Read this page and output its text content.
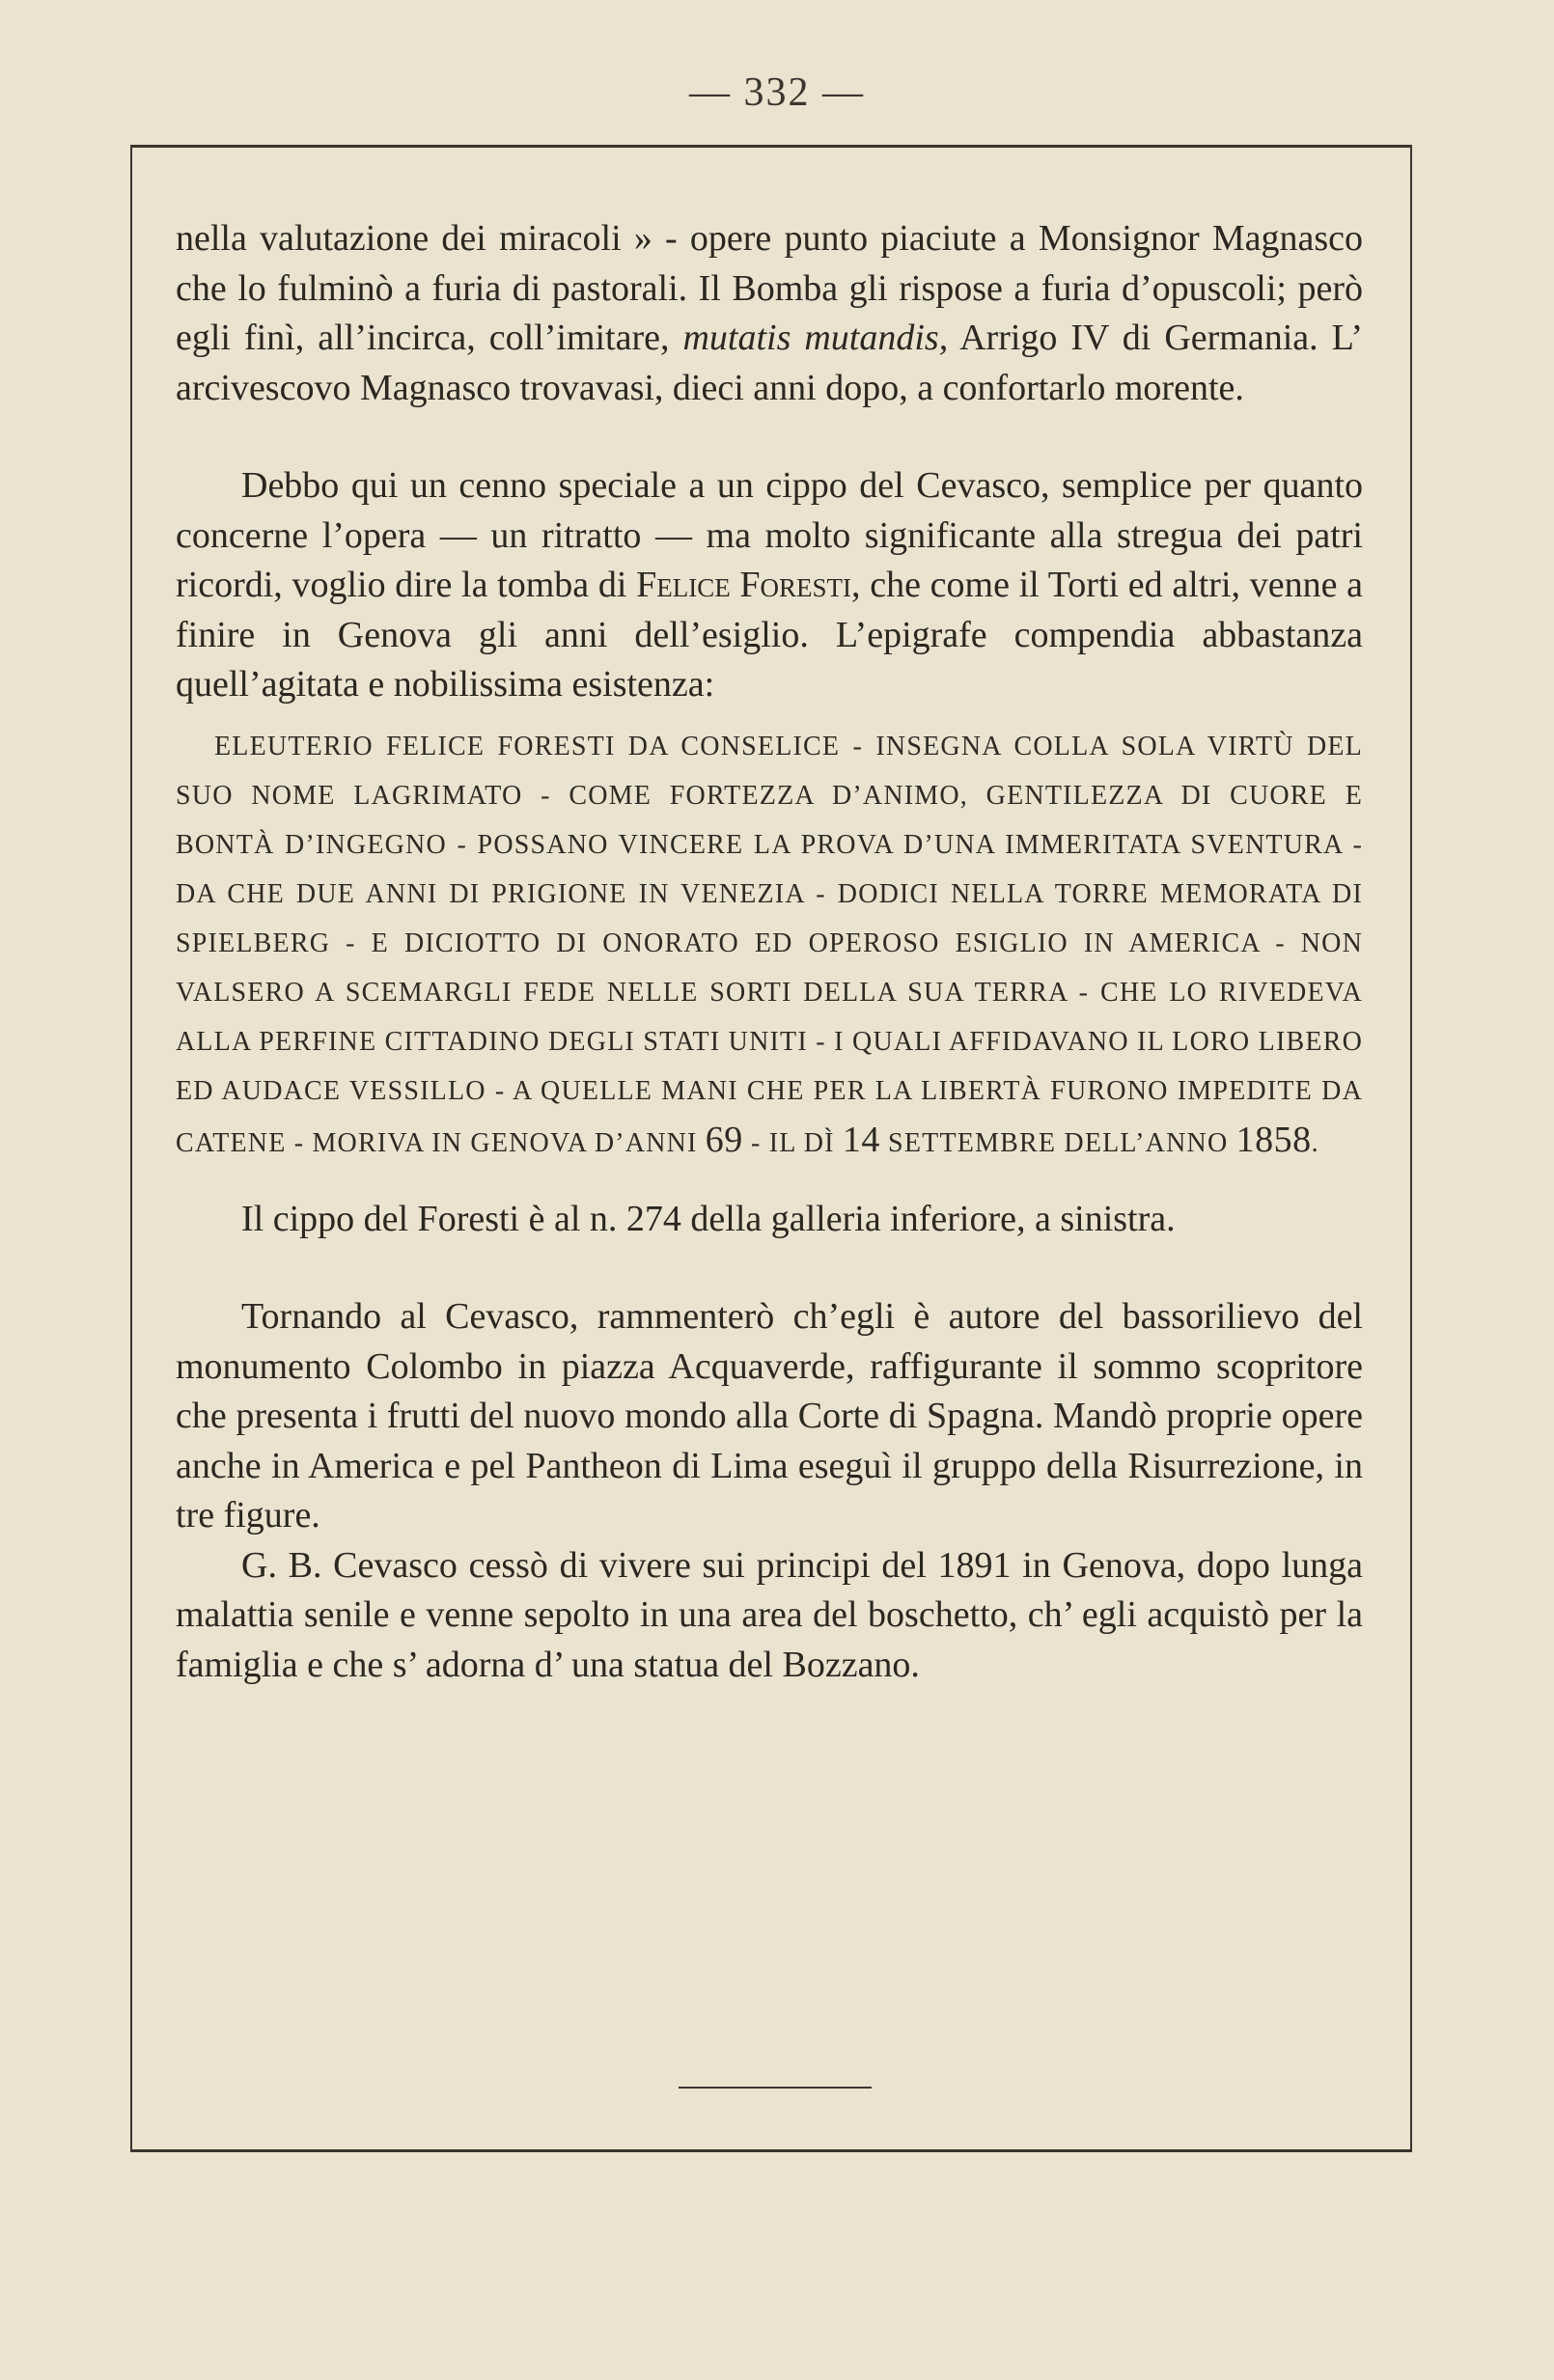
— 332 —

nella valutazione dei miracoli » - opere punto piaciute a Monsignor Magnasco che lo fulminò a furia di pastorali. Il Bomba gli rispose a furia d’opuscoli; però egli finì, all’incirca, coll’imitare, mutatis mutandis, Arrigo IV di Germania. L’ arcivescovo Magnasco trovavasi, dieci anni dopo, a confortarlo morente.

Debbo qui un cenno speciale a un cippo del Cevasco, semplice per quanto concerne l’opera — un ritratto — ma molto significante alla stregua dei patri ricordi, voglio dire la tomba di Felice Foresti, che come il Torti ed altri, venne a finire in Genova gli anni dell’esiglio. L’epigrafe compendia abbastanza quell’agitata e nobilissima esistenza:

ELEUTERIO FELICE FORESTI DA CONSELICE - INSEGNA COLLA SOLA VIRTÙ DEL SUO NOME LAGRIMATO - COME FORTEZZA D’ANIMO, GENTILEZZA DI CUORE E BONTÀ D’INGEGNO - POSSANO VINCERE LA PROVA D’UNA IMMERITATA SVENTURA - DA CHE DUE ANNI DI PRIGIONE IN VENEZIA - DODICI NELLA TORRE MEMORATA DI SPIELBERG - E DICIOTTO DI ONORATO ED OPEROSO ESIGLIO IN AMERICA - NON VALSERO A SCEMARGLI FEDE NELLE SORTI DELLA SUA TERRA - CHE LO RIVEDEVA ALLA PERFINE CITTADINO DEGLI STATI UNITI - I QUALI AFFIDAVANO IL LORO LIBERO ED AUDACE VESSILLO - A QUELLE MANI CHE PER LA LIBERTÀ FURONO IMPEDITE DA CATENE - MORIVA IN GENOVA D’ANNI 69 - IL DÌ 14 SETTEMBRE DELL’ANNO 1858.

Il cippo del Foresti è al n. 274 della galleria inferiore, a sinistra.

Tornando al Cevasco, rammenterò ch’egli è autore del bassorilievo del monumento Colombo in piazza Acquaverde, raffigurante il sommo scopritore che presenta i frutti del nuovo mondo alla Corte di Spagna. Mandò proprie opere anche in America e pel Pantheon di Lima eseguì il gruppo della Risurrezione, in tre figure.

G. B. Cevasco cessò di vivere sui principi del 1891 in Genova, dopo lunga malattia senile e venne sepolto in una area del boschetto, ch’ egli acquistò per la famiglia e che s’ adorna d’ una statua del Bozzano.
